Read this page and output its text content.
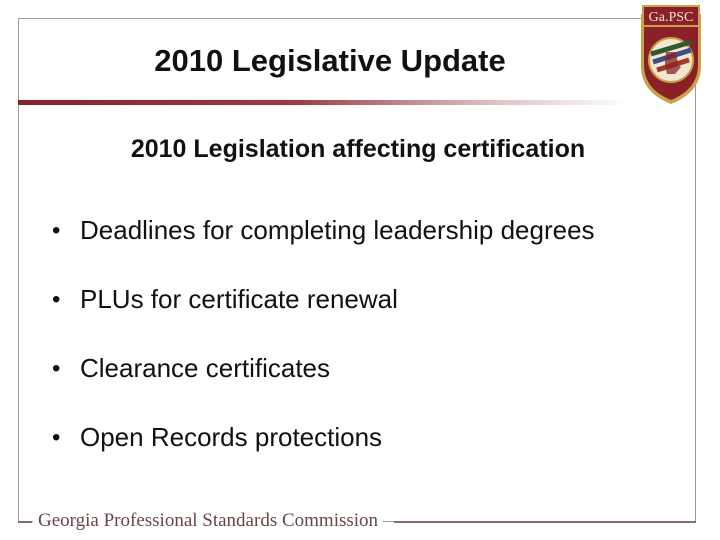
2010 Legislative Update
Ga.PSC
2010 Legislation affecting certification
• Deadlines for completing leadership degrees
• PLUs for certificate renewal
• Clearance certificates
• Open Records protections
Georgia Professional Standards Commission
